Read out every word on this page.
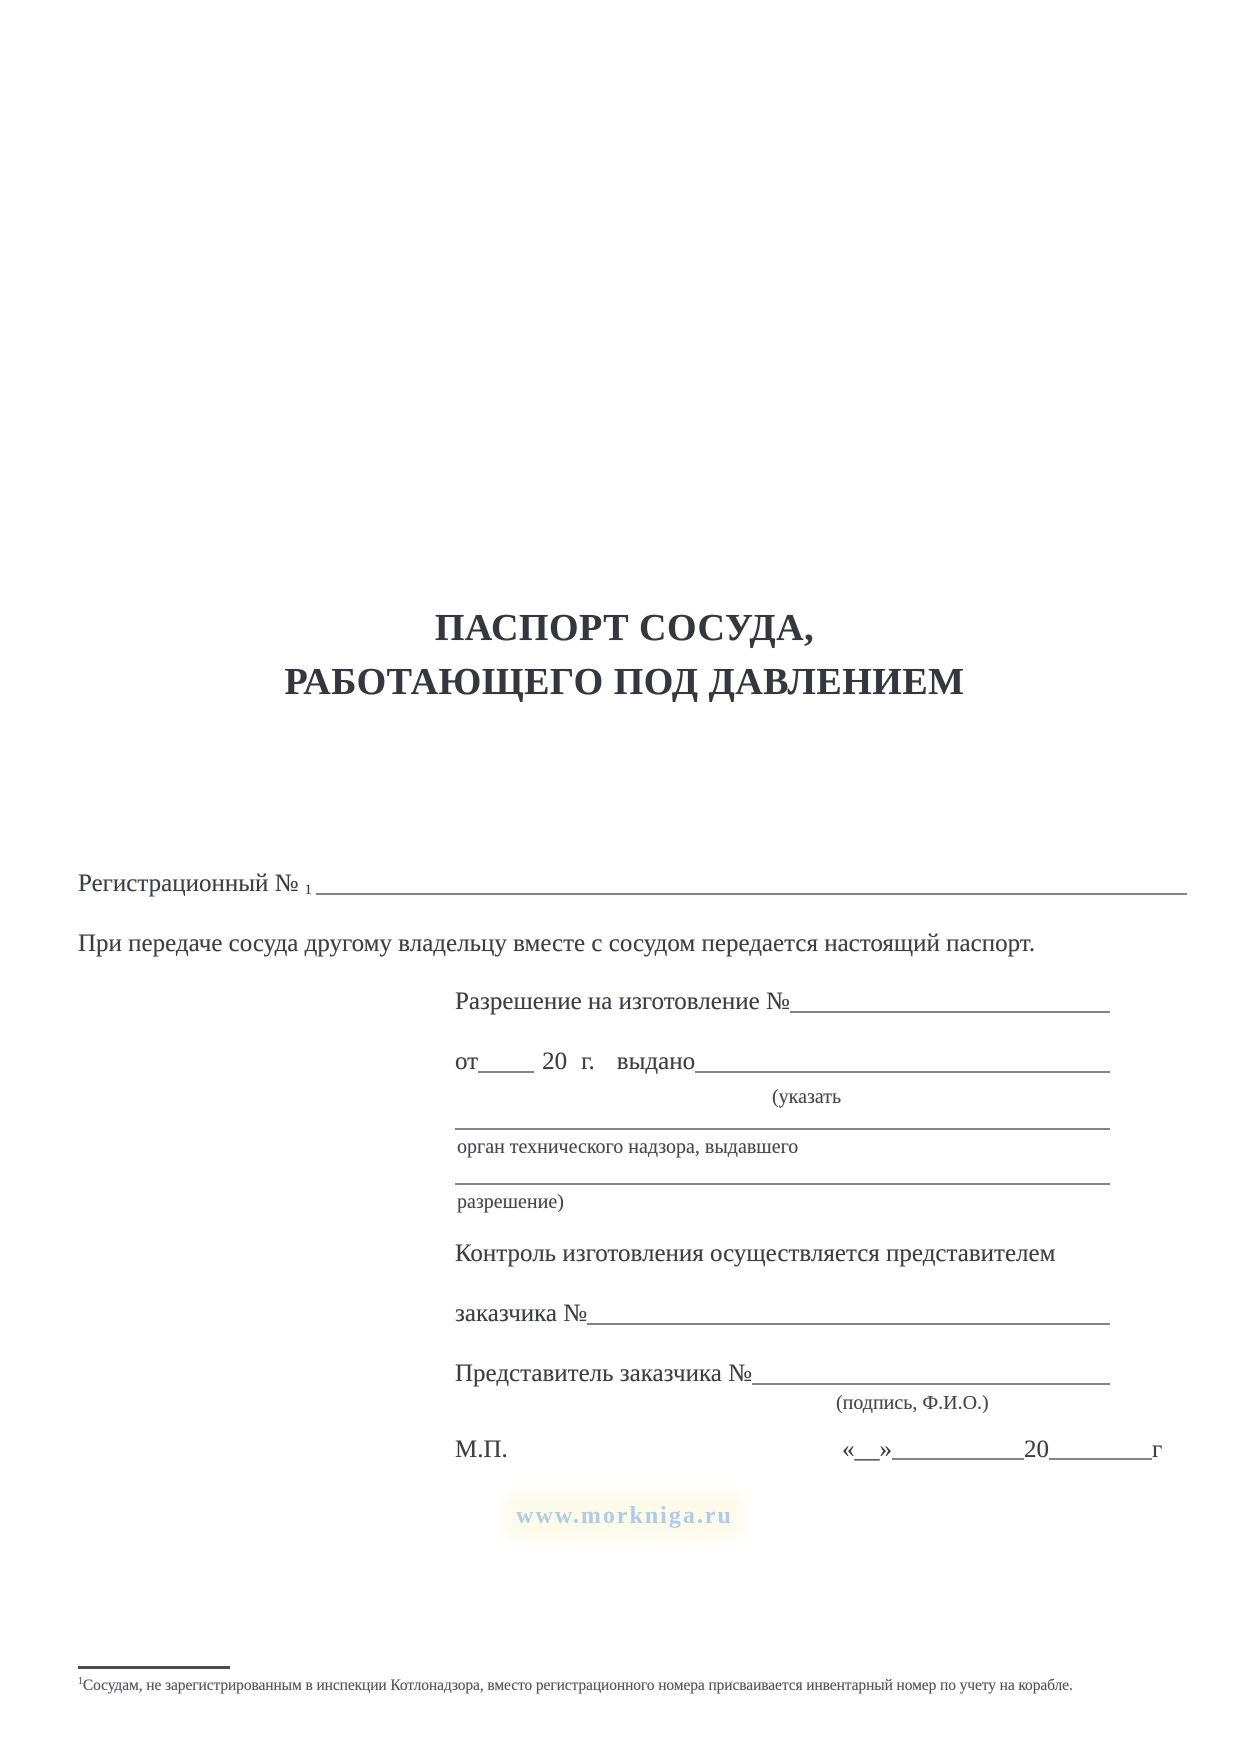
ПАСПОРТ СОСУДА,
РАБОТАЮЩЕГО ПОД ДАВЛЕНИЕМ
Регистрационный № $_1$
При передаче сосуда другому владельцу вместе с сосудом передается настоящий паспорт.
Разрешение на изготовление №
от	20 г. выдано
(указать
орган технического надзора, выдавшего
разрешение)
Контроль изготовления осуществляется представителем
заказчика №
Представитель заказчика №
(подпись, Ф.И.О.)
М.П.	«__»	20	г
www.morkniga.ru
$^1$Сосудам, не зарегистрированным в инспекции Котлонадзора, вместо регистрационного номера присваивается инвентарный номер по учету на корабле.
